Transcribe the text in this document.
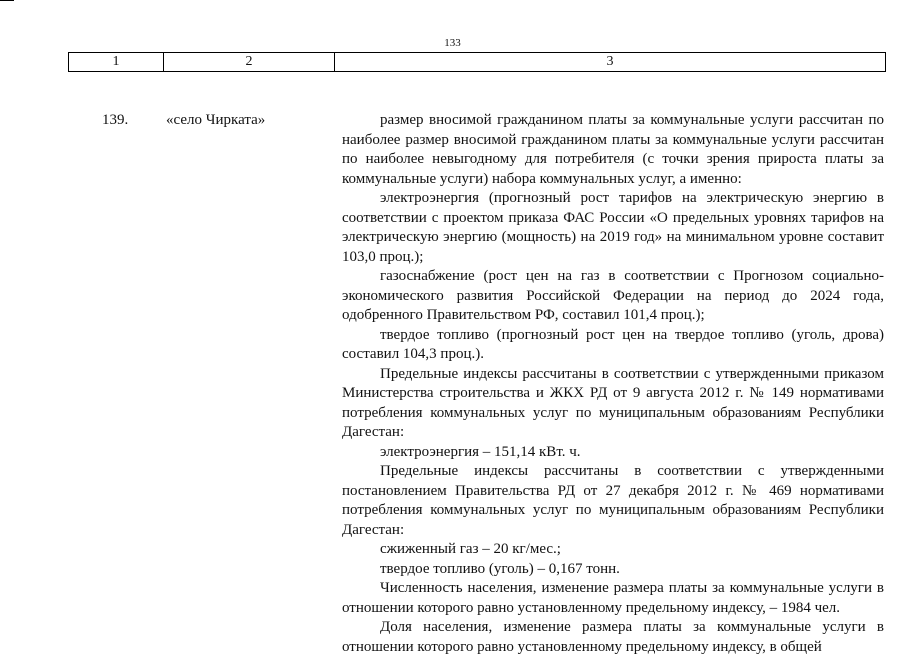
133
1	2	3
139.	«село Чирката»	размер вносимой гражданином платы за коммунальные услуги рассчитан по наиболее размер вносимой гражданином платы за коммунальные услуги рассчитан по наиболее невыгодному для потребителя (с точки зрения прироста платы за коммунальные услуги) набора коммунальных услуг, а именно:

электроэнергия (прогнозный рост тарифов на электрическую энергию в соответствии с проектом приказа ФАС России «О предельных уровнях тарифов на электрическую энергию (мощность) на 2019 год» на минимальном уровне составит 103,0 проц.);

газоснабжение (рост цен на газ в соответствии с Прогнозом социально-экономического развития Российской Федерации на период до 2024 года, одобренного Правительством РФ, составил 101,4 проц.);

твердое топливо (прогнозный рост цен на твердое топливо (уголь, дрова) составил 104,3 проц.).

Предельные индексы рассчитаны в соответствии с утвержденными приказом Министерства строительства и ЖКХ РД от 9 августа 2012 г. № 149 нормативами потребления коммунальных услуг по муниципальным образованиям Республики Дагестан:

электроэнергия – 151,14 кВт. ч.

Предельные индексы рассчитаны в соответствии с утвержденными постановлением Правительства РД от 27 декабря 2012 г. № 469 нормативами потребления коммунальных услуг по муниципальным образованиям Республики Дагестан:

сжиженный газ – 20 кг/мес.;

твердое топливо (уголь) – 0,167 тонн.

Численность населения, изменение размера платы за коммунальные услуги в отношении которого равно установленному предельному индексу, – 1984 чел.

Доля населения, изменение размера платы за коммунальные услуги в отношении которого равно установленному предельному индексу, в общей
